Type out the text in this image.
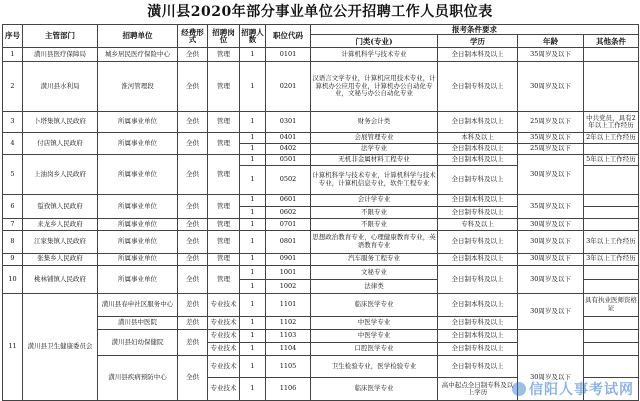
潢川县2020年部分事业单位公开招聘工作人员职位表
序号	主管部门	招聘单位	经费形式	招聘岗位	招聘人数	职位代码	报考条件要求			
							门类(专业)	学历	年龄	其他条件
1	潢川县医疗保障局	城乡居民医疗保险中心	全供	管理	1	0101	计算机科学与技术专业	全日制本科及以上	35周岁及以下	
2	潢川县水利局	淮河管理段	全供	管理	1	0201	汉语言文学专业，计算机应用技术专业，计算机办公应用专业，计算机办公自动化专业，文秘与办公自动化专业	全日制专科及以上	30周岁及以下	
3	卜塔集镇人民政府	所属事业单位	全供	管理	1	0301	财务会计类	全日制本科及以上	25周岁及以下	中共党员，具有2年以上工作经历
4	付店镇人民政府	所属事业单位	全供	管理	1	0401	会展管理专业	本科及以上	35周岁及以下	2年以上工作经历
					1	0402	法学专业	全日制本科及以上	25周岁及以下	
5	上油岗乡人民政府	所属事业单位	全供	管理	1	0501	无机非金属材料工程专业	全日制本科及以上	30周岁及以下	5年以上工作经历
					1	0502	计算机科学与技术专业，计算机科学与技术专业，计算机信息专业，软件工程专业	全日制专科及以上		
6	踅孜镇人民政府	所属事业单位	全供	管理	1	0601	会计学专业	全日制本科及以上	35周岁及以下	
					1	0602	不限专业	全日制专科及以上		
7	来龙乡人民政府	所属事业单位	全供	管理	1	0701	不限专业	专科及以上	30周岁及以下	
8	江家集镇人民政府	所属事业单位	全供	管理	1	0801	思想政治教育专业，心理健康教育专业，英语教育专业	全日制专科及以上	30周岁及以下	3年以上工作经历
9	张集乡人民政府	所属事业单位	全供	管理	1	0901	汽车服务工程专业	全日制本科及以上	30周岁及以下	3年以上工作经历
10	桃林铺镇人民政府	所属事业单位	全供	管理	1	1001	文秘专业	全日制专科及以上	30周岁及以下	
					1	1002	法律类			
11	潢川县卫生健康委员会	潢川县春申社区服务中心	差供	专业技术	1	1101	临床医学专业	全日制本科及以上	30周岁及以下	具有执业医师资格证
		潢川县中医院	差供	专业技术	1	1102	中医学专业	全日制专科及以上		
		潢川县妇幼保健院	差供	专业技术	1	1103	中医学专业	全日制本科及以上		
				专业技术	1	1104	口腔医学专业	全日制专科及以上		
		潢川县疾病预防中心	全供	专业技术	1	1105	卫生检验专业，医学检验专业	全日制专科及以上	30周岁及以下	
				专业技术	1	1106	临床医学专业	高中起点全日制专科及以上学历			信阳人事考试网
